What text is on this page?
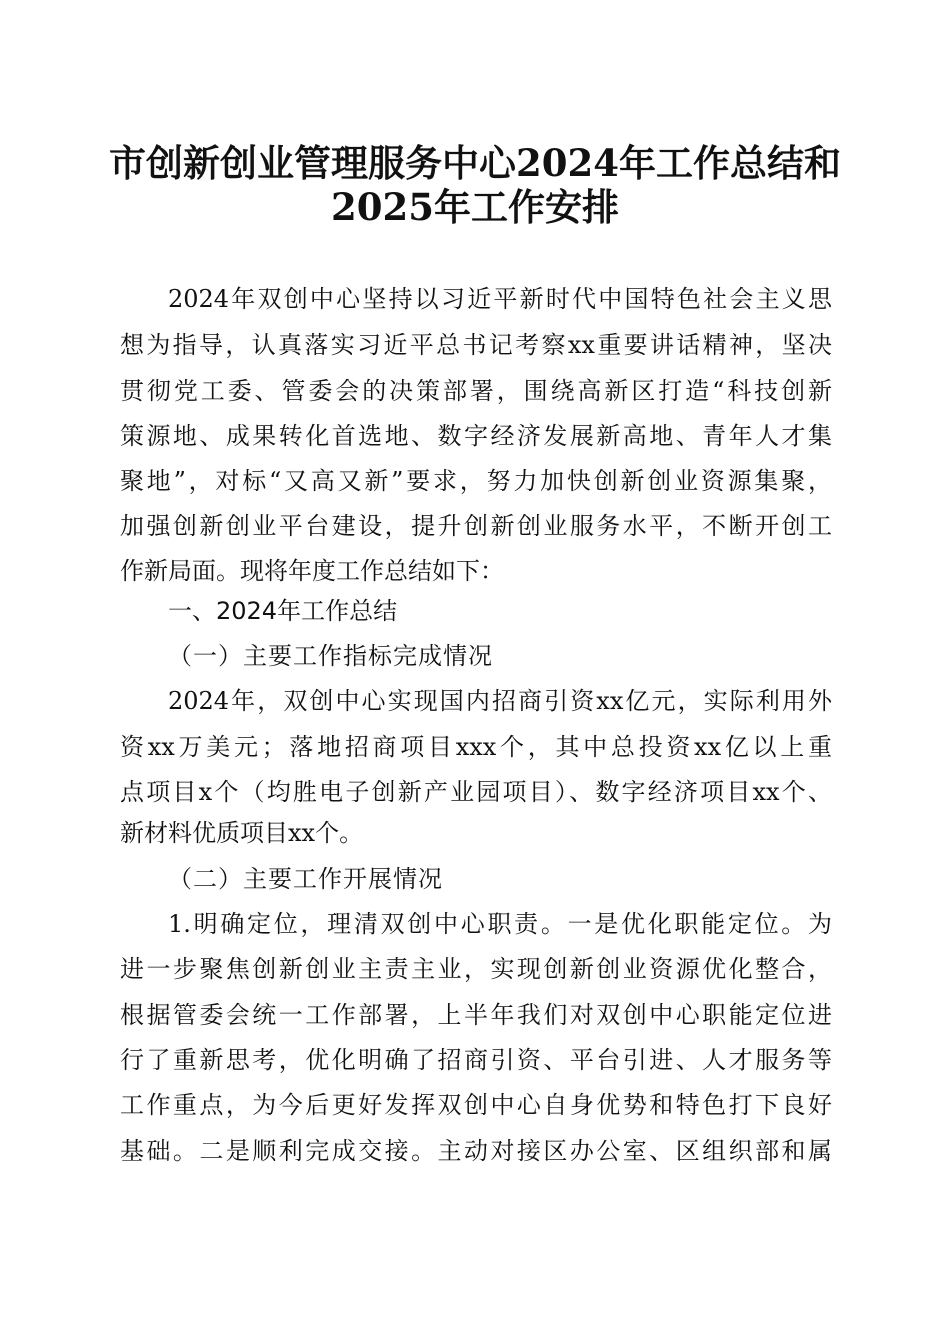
市创新创业管理服务中心2024年工作总结和
2025年工作安排
2024年双创中心坚持以习近平新时代中国特色社会主义思
想为指导，认真落实习近平总书记考察xx重要讲话精神，坚决
贯彻党工委、管委会的决策部署，围绕高新区打造“科技创新
策源地、成果转化首选地、数字经济发展新高地、青年人才集
聚地”，对标“又高又新”要求，努力加快创新创业资源集聚，
加强创新创业平台建设，提升创新创业服务水平，不断开创工
作新局面。现将年度工作总结如下：
一、2024年工作总结
（一）主要工作指标完成情况
2024年，双创中心实现国内招商引资xx亿元，实际利用外
资xx万美元；落地招商项目xxx个，其中总投资xx亿以上重
点项目x个（均胜电子创新产业园项目）、数字经济项目xx个、
新材料优质项目xx个。
（二）主要工作开展情况
1.明确定位，理清双创中心职责。一是优化职能定位。为
进一步聚焦创新创业主责主业，实现创新创业资源优化整合，
根据管委会统一工作部署，上半年我们对双创中心职能定位进
行了重新思考，优化明确了招商引资、平台引进、人才服务等
工作重点，为今后更好发挥双创中心自身优势和特色打下良好
基础。二是顺利完成交接。主动对接区办公室、区组织部和属
